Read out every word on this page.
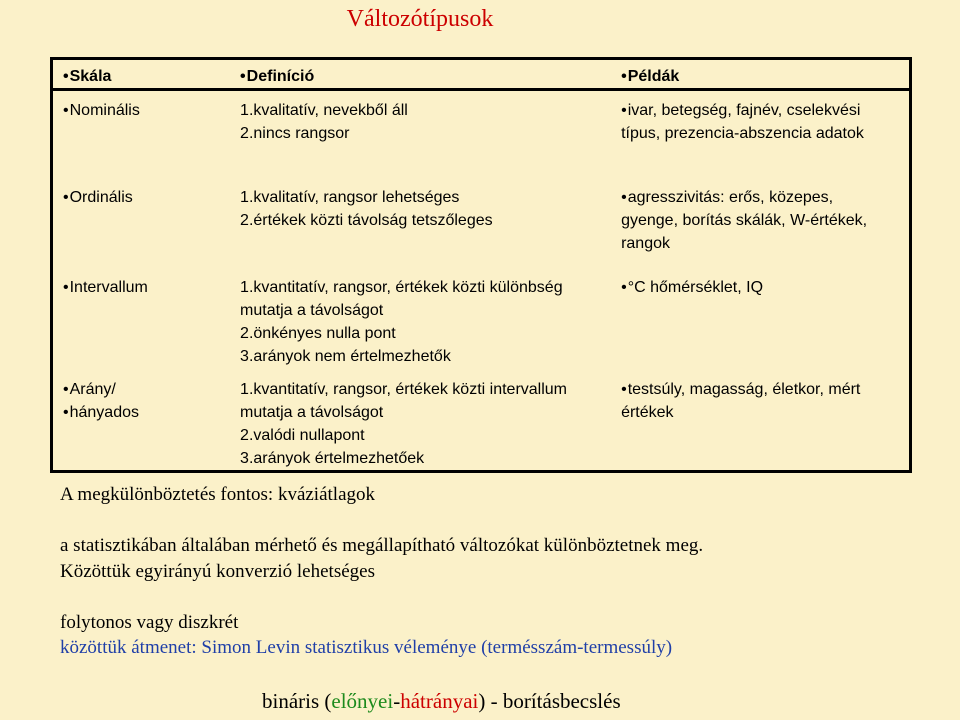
Változótípusok
• Skála	• Definíció	• Példák

• Nominális	1.kvalitatív, nevekből áll
2.nincs rangsor	• ivar, betegség, fajnév, cselekvési
típus, prezencia-abszencia adatok

• Ordinális	1.kvalitatív, rangsor lehetséges
2.értékek közti távolság tetszőleges	• agresszivitás: erős, közepes,
gyenge, borítás skálák, W-értékek,
rangok

• Intervallum	1.kvantitatív, rangsor, értékek közti különbség
mutatja a távolságot
2.önkényes nulla pont
3.arányok nem értelmezhetők	• °C hőmérséklet, IQ

• Arány/
• hányados	1.kvantitatív, rangsor, értékek közti intervallum
mutatja a távolságot
2.valódi nullapont
3.arányok értelmezhetőek	• testsúly, magasság, életkor, mért
értékek
A megkülönböztetés fontos: kváziátlagok
a statisztikában általában mérhető és megállapítható változókat különböztetnek meg.
Közöttük egyirányú konverzió lehetséges
folytonos vagy diszkrét
közöttük átmenet: Simon Levin statisztikus véleménye (termésszám-termessúly)
bináris (előnyei-hátrányai) - borításbecslés
